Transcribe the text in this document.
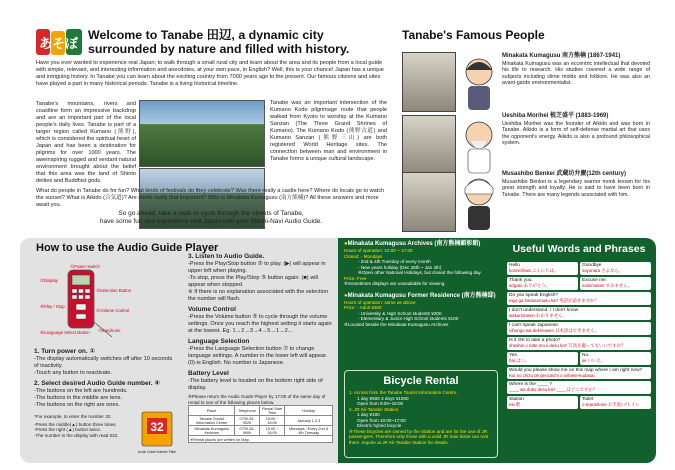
あそぼ
Welcome to Tanabe 田辺, a dynamic city surrounded by nature and filled with history.
Have you ever wanted to experience real Japan; to walk through a small rural city and learn about the area and its people from a local guide with simple, relevant, and interesting information and anecdotes, at your own pace, in English? Well, this is your chance! Japan has a unique and intriguing history. In Tanabe you can learn about the exciting country from 7000 years ago to the present. Our famous citizens and sites have played a part in many historical periods. Tanabe is a living historical timeline.
Tanabe's mountains, rivers and coastline form an impressive backdrop and are an important part of the local people's daily lives. Tanabe is part of a larger region called Kumano (熊野), which is considered the spiritual heart of Japan and has been a destination for pilgrims for over 1000 years. The aweinspiring rugged and verdant natural environment brought about the belief that this area was the land of Shinto deities and Buddhist gods.
Tanabe was an important intersection of the Kumano Kodo pilgrimage route that people walked from Kyoto to worship at the Kumano Sanzan (The Three Grand Shrines of Kumano). The Kumano Kodo (熊野古道) and Kumano Sanzan (熊野三山) are both registered World Heritage sites. The connection between man and environment in Tanabe forms a unique cultural landscape.
What do people in Tanabe do for fun? What kinds of festivals do they celebrate? Was there really a castle here? Where do locals go to watch the sunset? What is Aikido (合気道)? Are shells really that important? Who is Minakata Kumagusu (南方熊楠)? All these answers and more await you.
So go ahead, take a walk or cycle through the streets of Tanabe,
have some fun and experience real Japan with your Machi-Navi Audio Guide.
Tanabe's Famous People
Minakata Kumagusu 南方熊楠 (1867-1941)
Minakata Kumagusu was an eccentric intellectual that devoted his life to research. His studies covered a wide range of subjects including slime molds and folklore. He was also an avant-garde environmentalist.
Ueshiba Morihei 植芝盛平 (1883-1969)
Ueshiba Morihei was the founder of Aikido and was born in Tanabe. Aikido is a form of self-defense martial art that uses the opponent's energy. Aikido is also a profound philosophical system.
Musashibo Benkei 武蔵坊弁慶(12th century)
Musashibo Benkei is a legendary warrior monk known for his great strength and loyalty. He is said to have been born in Tanabe. There are many legends associated with him.
How to use the Audio Guide Player
①Power Switch
②Display
③Selection Button
④Play / Stop
⑤Volume Control
⑥Language Select Button ⑦Earphone
1. Turn power on. ①
-The display automatically switches off after 10 seconds of inactivity.
-Touch any button to reactivate.
2. Select desired Audio Guide number. ④
-The buttons on the left are hundreds.
-The buttons in the middle are tens.
-The buttons on the right are ones.
*For example, to enter the number 32.
-Press the middle(▲) button three times.
-Press the right (▲) button twice.
-The number in the display with read 032.
32
Audio Guide Number Plate
3. Listen to Audio Guide.
-Press the Play/Stop button ⑤ to play. (▶) will appear in upper left when playing.
-To stop, press the Play/Stop ⑤ button again. (■) will appear when stopped.
※ If there is no explanation associated with the selection the number will flash.
Volume Control
-Press the Volume button ⑤ to cycle through the volume settings. Once you reach the highest setting it starts again at the lowest. Eg. 1→2→3→4→5→1→2...
Language Selection
-Press the Language Selection button ⑦ to change language settings. A number in the lower left will appear. (0)-is English. No number is Japanese.
Battery Level
-The battery level is located on the bottom right side of display.
※Please return the Audio Guide Player by 17:00 of the same day of rental to one of the following places below.
Place	Telephone	Rental Start Time	Holiday
Tanabe Tourist Information Center	0739-26-9025	10:00 ~ 16:00	January 1,2,3
Minakata Kumagusu Archives	0739-26-9909	10:00 ~ 16:00	Mondays / Every 2nd & 4th Tuesday
※Rental places are written on Map.			
●Minakata Kumagusu Archives (南方熊楠顕彰館)
Hours of operation: 10:00 ~ 17:00
Closed: - Mondays
- 2nd & 4th Tuesday of every month
- New years holiday (Dec 28th ~ Jan 4th)
※Open other National Holidays, but closed the following day
Price: Free
※Sometimes displays are unavailable for viewing.
●Minakata Kumagusu Former Residence (南方熊楠邸)
Hours of operation: same as above
Price: - Adult ¥300
- University & High School students ¥200
- Elementary & Junior High School students ¥100
※Located beside the Minakata Kumagusu Archives
Bicycle Rental
1. Across from the Tanabe Tourist Information Centre.
1 day ¥500 3 days ¥1000
Open from 9:00~18:00
2. JR Kii-Tanabe Station
1 day ¥100
Open from 10:00~17:00
Electric hybrid bicycle
※These bicycles are owned by the Station and are for the use of JR passengers. Therefore only those with a valid JR train ticket can rent them. Inquire at JR Kii-Tanabe Station for details.
Useful Words and Phrases
Hello
konnichiwa こんにちは。
Goodbye
sayonara さよなら。
Thank you.
arigato ありがとう。
Excuse me.
sumimasen すみません。
Do you speak English?
eigo ga hanasemasu ka? 英語が話せますか？
I don't understand. / I don't know.
wakarimasen わかりません。
I can't speak Japanese.
nihongo wa dekimasen 日本語はできません。
Is it OK to take a photo?
shashin o totte mo ii desu ka? 写真を撮ってもいいですか？
Yes.
hai はい。
No.
iie いいえ。
Would you please show me on this map where I am right now?
Koi no chizu de genzaichi o oshiete-kudasai.
Where is the ____ ?
____ wa doko desu ka? ____はどこですか？
Station
eki 駅
Toilet
o-tearai/toire お手洗い/トイレ
